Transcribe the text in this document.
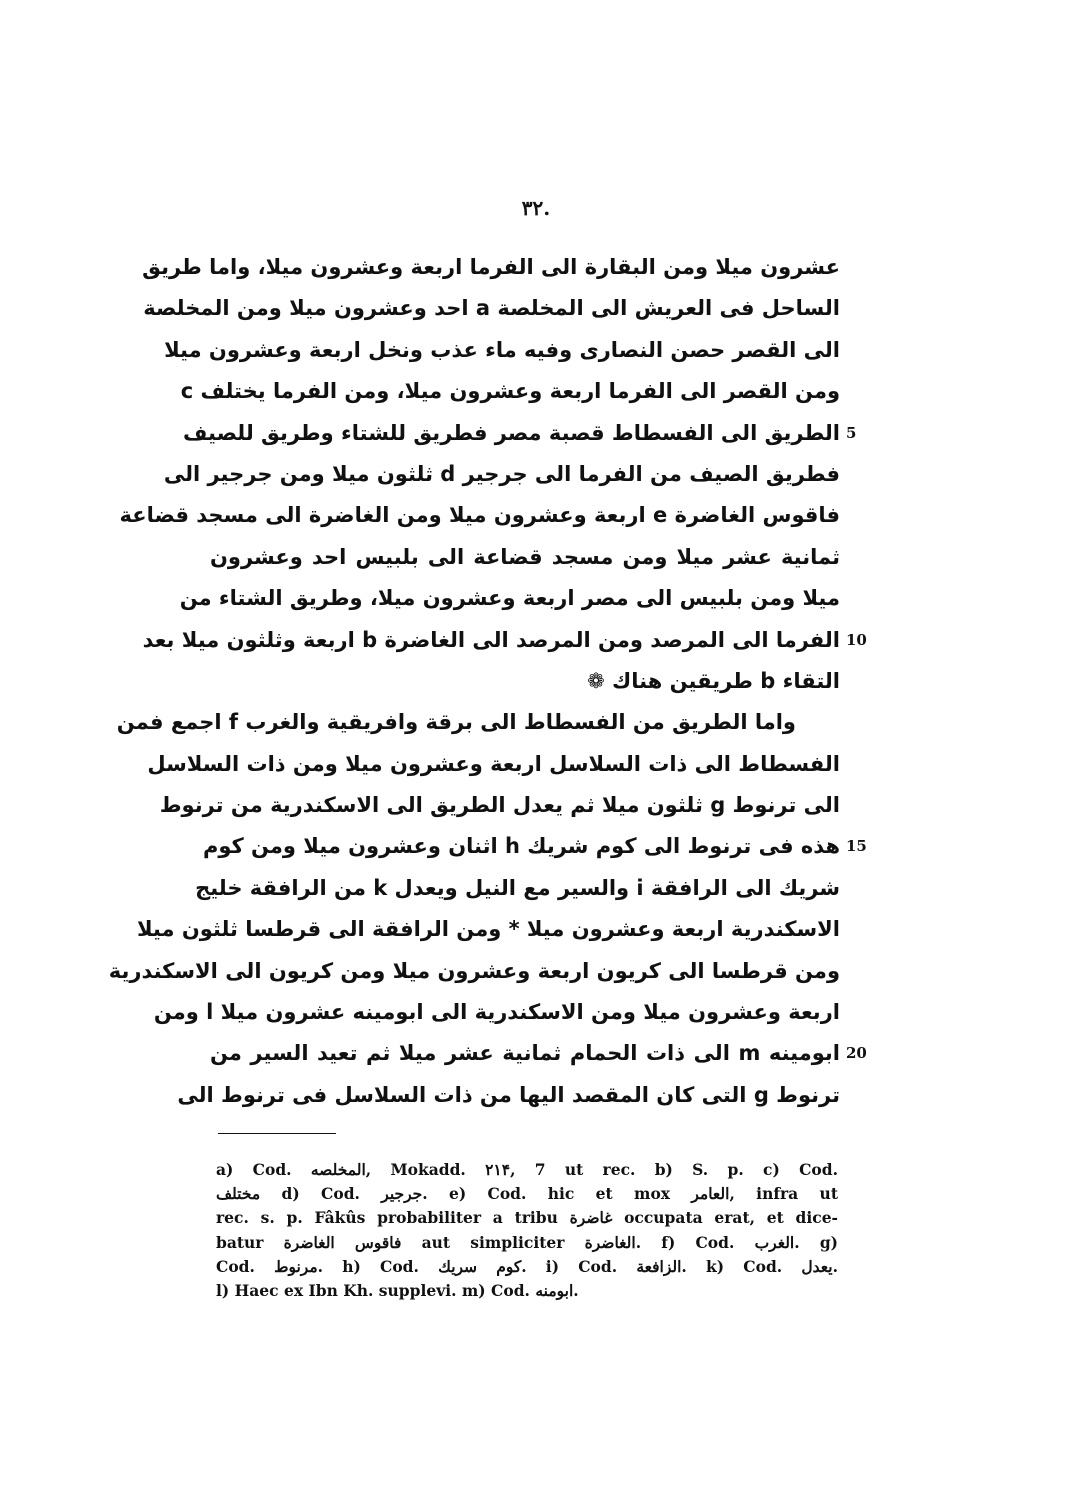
۳۲.
عشرون ميلا ومن البقارة الى الفرما اربعة وعشرون ميلا، واما طريق
الساحل فى العريش الى المخلصة a احد وعشرون ميلا ومن المخلصة
الى القصر حصن النصارى وفيه ماء عذب ونخل اربعة وعشرون ميلا
ومن القصر الى الفرما اربعة وعشرون ميلا، ومن الفرما يختلف c
الطريق الى الفسطاط قصبة مصر فطريق للشتاء وطريق للصيف 5
فطريق الصيف من الفرما الى جرجير d ثلثون ميلا ومن جرجير الى
فاقوس الغاضرة e اربعة وعشرون ميلا ومن الغاضرة الى مسجد قضاعة
ثمانية عشر ميلا ومن مسجد قضاعة الى بلبيس احد وعشرون
ميلا ومن بلبيس الى مصر اربعة وعشرون ميلا، وطريق الشتاء من
الفرما الى المرصد ومن المرصد الى الغاضرة b اربعة وثلثون ميلا بعد 10
التقاء b طريقين هناك ❁
واما الطريق من الفسطاط الى برقة وافريقية والغرب f اجمع فمن
الفسطاط الى ذات السلاسل اربعة وعشرون ميلا ومن ذات السلاسل
الى ترنوط g ثلثون ميلا ثم يعدل الطريق الى الاسكندرية من ترنوط
هذه فى ترنوط الى كوم شريك h اثنان وعشرون ميلا ومن كوم 15
شريك الى الرافقة i والسير مع النيل ويعدل k من الرافقة خليج
الاسكندرية اربعة وعشرون ميلا * ومن الرافقة الى قرطسا ثلثون ميلا
ومن قرطسا الى كريون اربعة وعشرون ميلا ومن كريون الى الاسكندرية
اربعة وعشرون ميلا ومن الاسكندرية الى ابومينه عشرون ميلا l ومن
ابومينه m الى ذات الحمام ثمانية عشر ميلا ثم تعيد السير من 20
ترنوط g التى كان المقصد اليها من ذات السلاسل فى ترنوط الى
a) Cod. المخلصه, Mokadd. ۲۱۴, 7 ut rec. b) S. p. c) Cod.
مختلف d) Cod. جرجير. e) Cod. hic et mox العامر, infra ut
rec. s. p. Fâkûs probabiliter a tribu غاضرة occupata erat, et dice-
batur فاقوس الغاضرة aut simpliciter الغاضرة. f) Cod. الغرب. g)
Cod. مرنوط. h) Cod. كوم سريك. i) Cod. الزافعة. k) Cod. يعدل.
l) Haec ex Ibn Kh. supplevi. m) Cod. ابومنه.
